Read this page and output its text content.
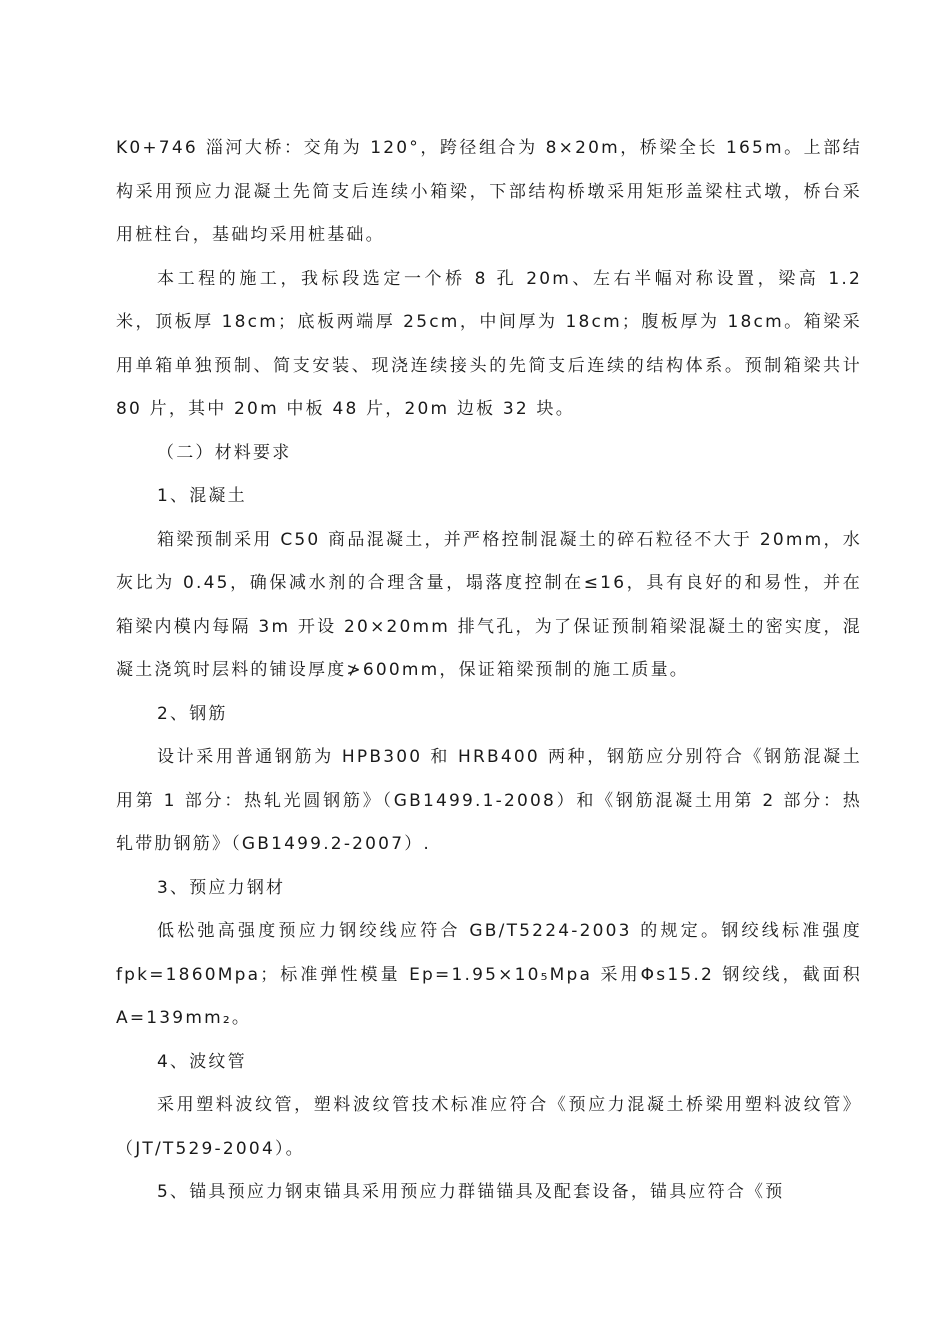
K0+746 淄河大桥：交角为 120°，跨径组合为 8×20m，桥梁全长 165m。上部结构采用预应力混凝土先简支后连续小箱梁，下部结构桥墩采用矩形盖梁柱式墩，桥台采用桩柱台，基础均采用桩基础。

本工程的施工，我标段选定一个桥 8 孔 20m、左右半幅对称设置，梁高 1.2 米，顶板厚 18cm；底板两端厚 25cm，中间厚为 18cm；腹板厚为 18cm。箱梁采用单箱单独预制、简支安装、现浇连续接头的先简支后连续的结构体系。预制箱梁共计 80 片，其中 20m 中板 48 片，20m 边板 32 块。

（二）材料要求

1、混凝土

箱梁预制采用 C50 商品混凝土，并严格控制混凝土的碎石粒径不大于 20mm，水灰比为 0.45，确保减水剂的合理含量，塌落度控制在≤16，具有良好的和易性，并在箱梁内模内每隔 3m 开设 20×20mm 排气孔，为了保证预制箱梁混凝土的密实度，混凝土浇筑时层料的铺设厚度≯600mm，保证箱梁预制的施工质量。

2、钢筋

设计采用普通钢筋为 HPB300 和 HRB400 两种，钢筋应分别符合《钢筋混凝土用第 1 部分：热轧光圆钢筋》（GB1499.1-2008）和《钢筋混凝土用第 2 部分：热轧带肋钢筋》（GB1499.2-2007）.

3、预应力钢材

低松弛高强度预应力钢绞线应符合 GB/T5224-2003 的规定。钢绞线标准强度 fpk=1860Mpa；标准弹性模量 Ep=1.95×10₅Mpa 采用Φs15.2 钢绞线，截面积 A=139mm₂。

4、波纹管

采用塑料波纹管，塑料波纹管技术标准应符合《预应力混凝土桥梁用塑料波纹管》（JT/T529-2004）。

5、锚具预应力钢束锚具采用预应力群锚锚具及配套设备，锚具应符合《预
